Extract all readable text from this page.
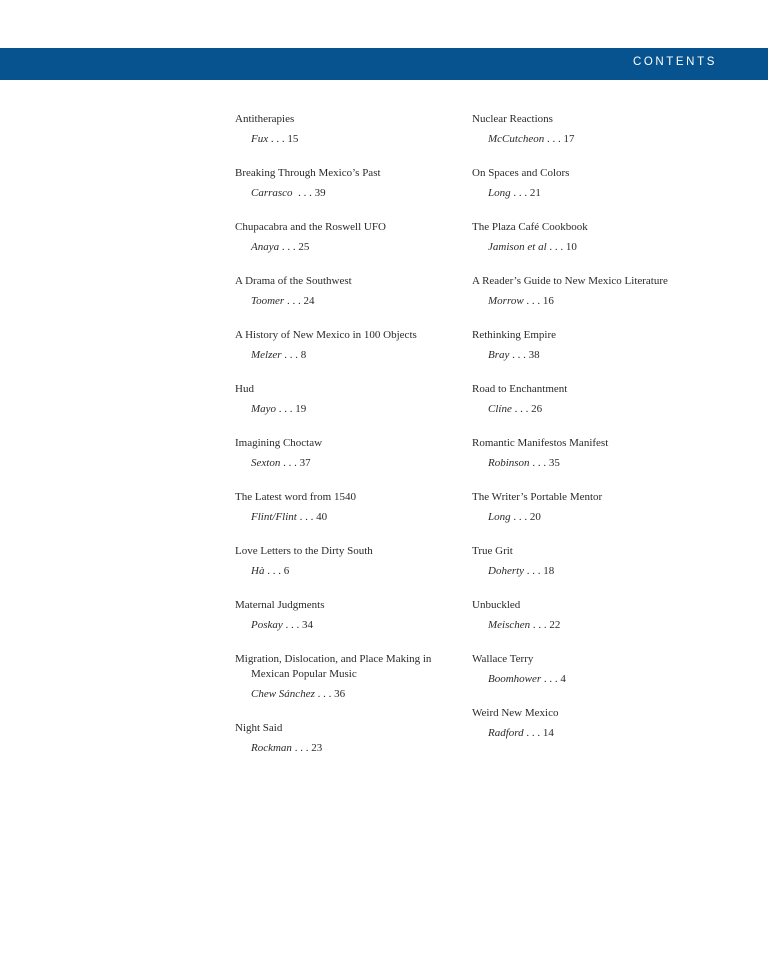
CONTENTS
Antitherapies
Fux . . . 15
Breaking Through Mexico’s Past
Carrasco  . . . 39
Chupacabra and the Roswell UFO
Anaya . . . 25
A Drama of the Southwest
Toomer . . . 24
A History of New Mexico in 100 Objects
Melzer . . . 8
Hud
Mayo . . . 19
Imagining Choctaw
Sexton . . . 37
The Latest word from 1540
Flint/Flint . . . 40
Love Letters to the Dirty South
Hà . . . 6
Maternal Judgments
Poskay . . . 34
Migration, Dislocation, and Place Making in
Mexican Popular Music
Chew Sánchez . . . 36
Night Said
Rockman . . . 23
Nuclear Reactions
McCutcheon . . . 17
On Spaces and Colors
Long . . . 21
The Plaza Café Cookbook
Jamison et al . . . 10
A Reader’s Guide to New Mexico Literature
Morrow . . . 16
Rethinking Empire
Bray . . . 38
Road to Enchantment
Clíne . . . 26
Romantic Manifestos Manifest
Robinson . . . 35
The Writer’s Portable Mentor
Long . . . 20
True Grit
Doherty . . . 18
Unbuckled
Meischen . . . 22
Wallace Terry
Boomhower . . . 4
Weird New Mexico
Radford . . . 14
